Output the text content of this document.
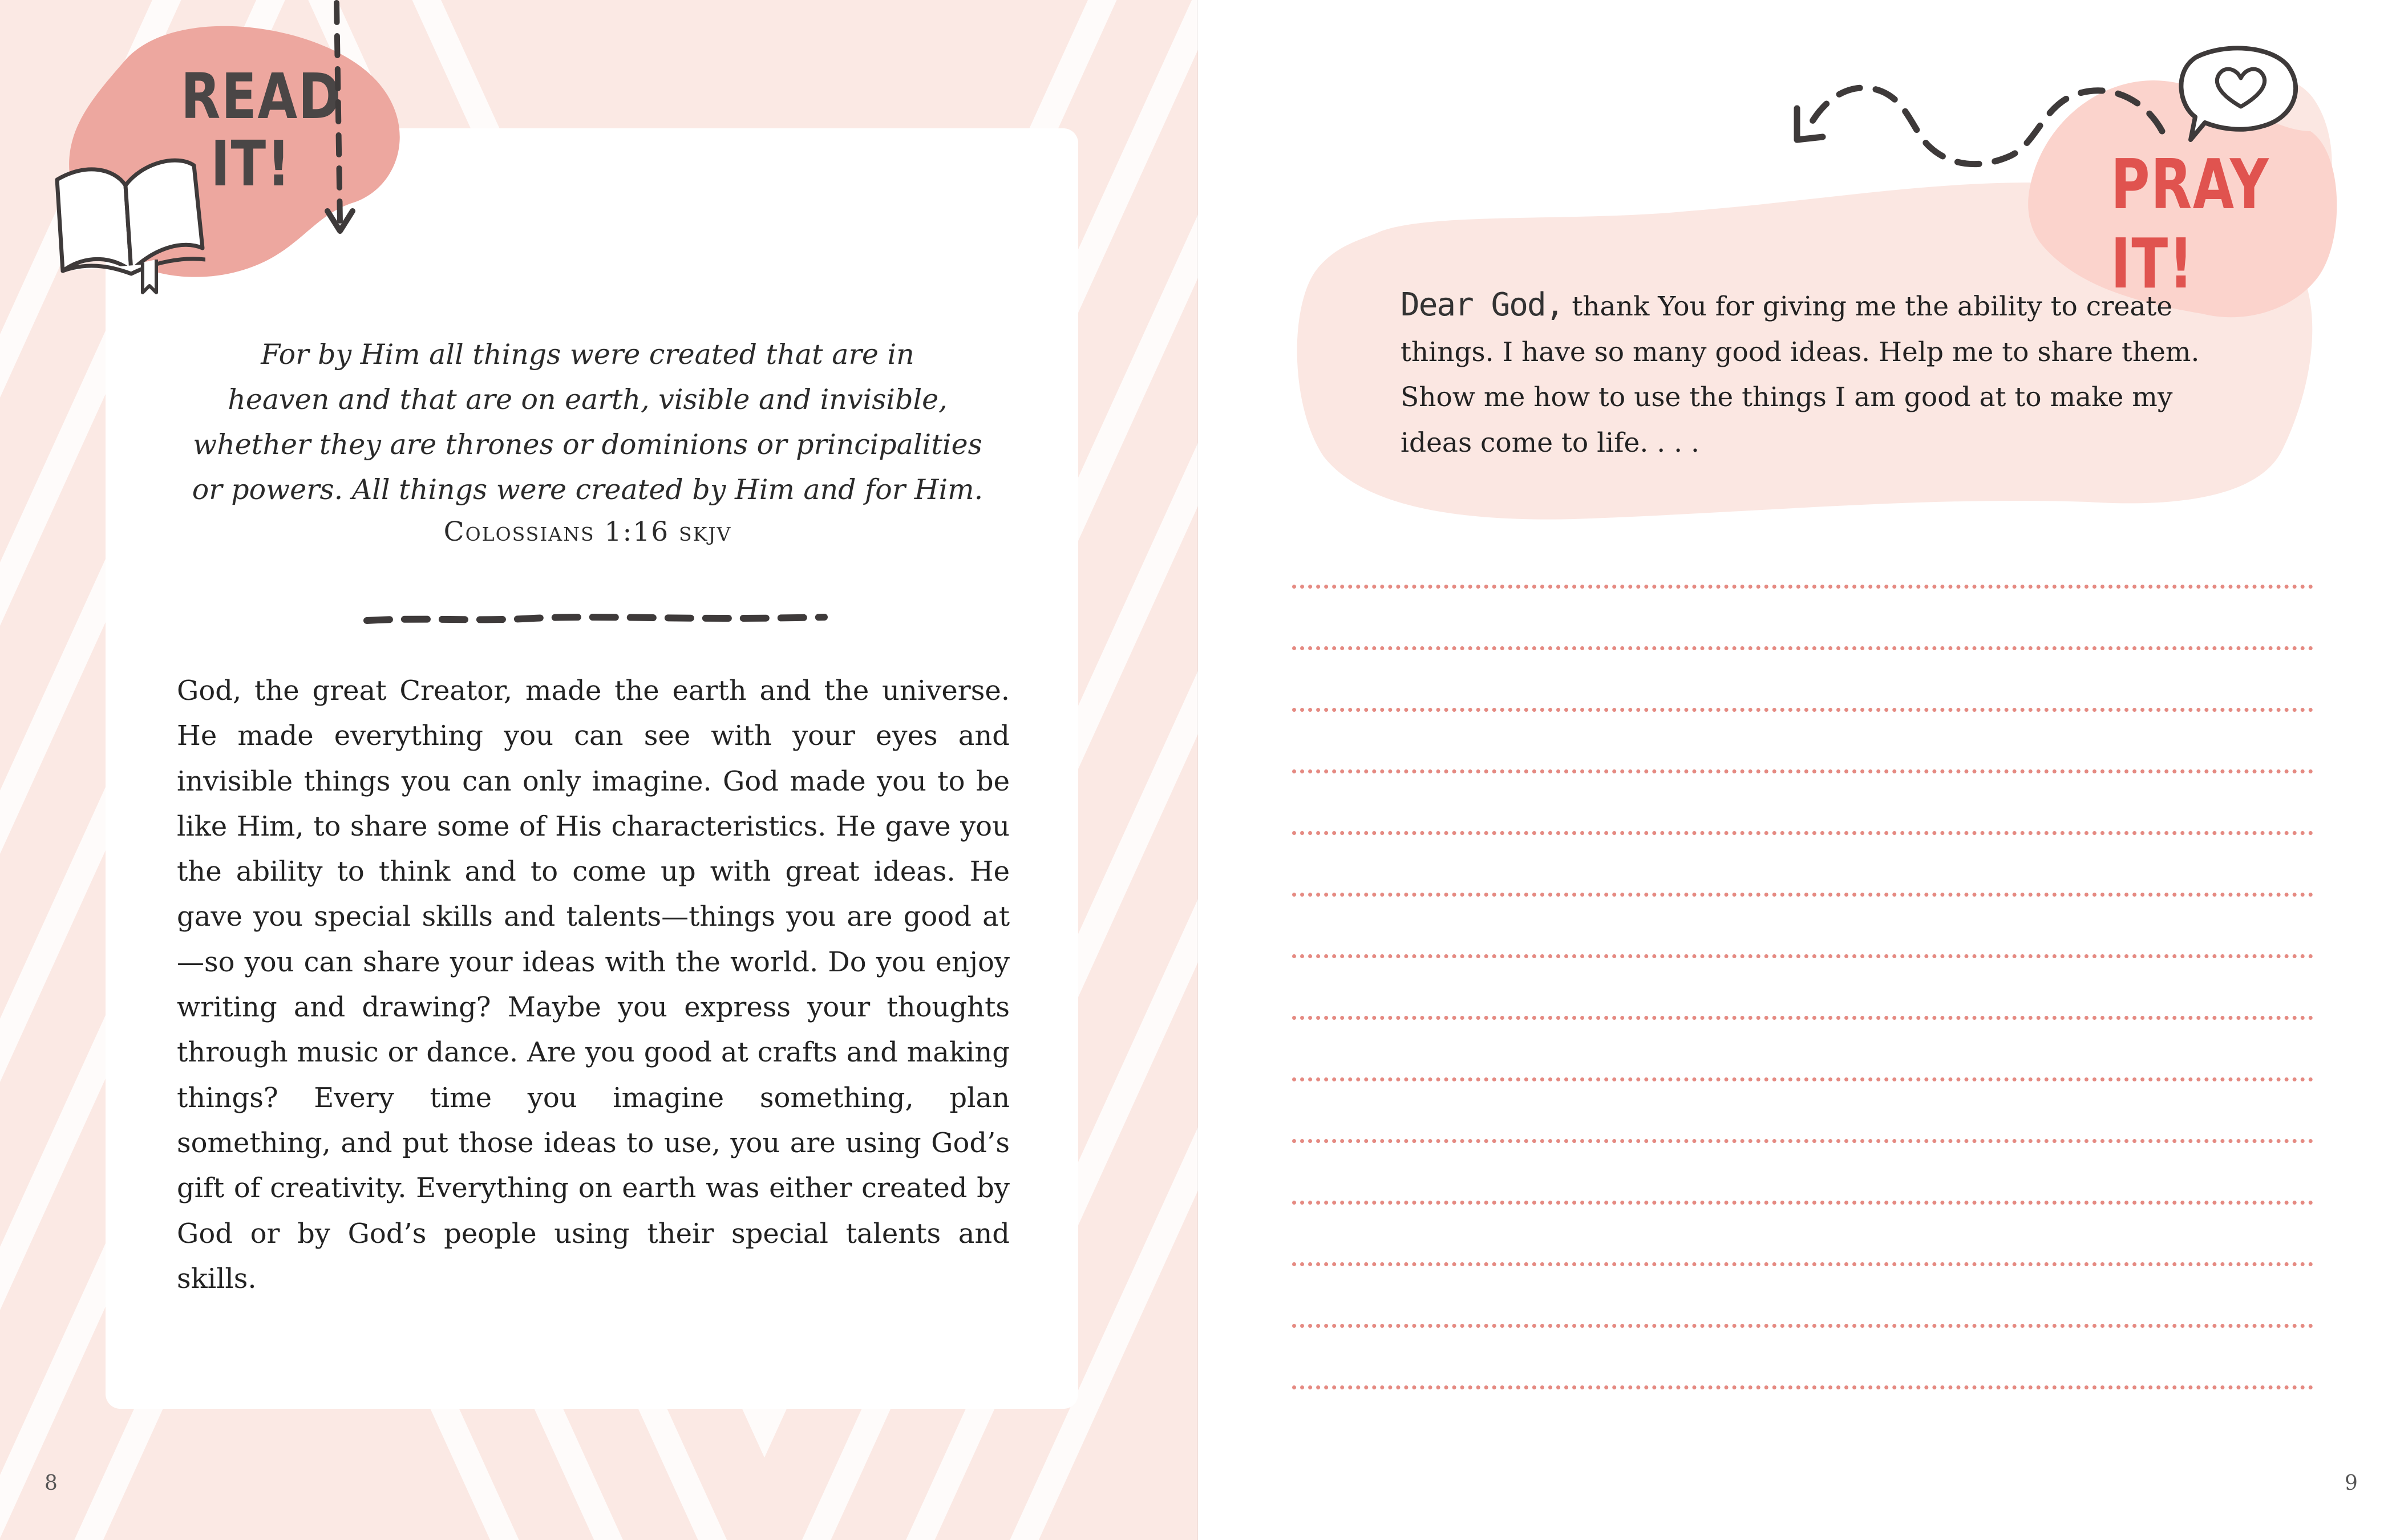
READ
IT!
For by Him all things were created that are in
heaven and that are on earth, visible and invisible,
whether they are thrones or dominions or principalities
or powers. All things were created by Him and for Him.
Colossians 1:16 skjv
God, the great Creator, made the earth and the universe. He made everything you can see with your eyes and invisible things you can only imagine. God made you to be like Him, to share some of His characteristics. He gave you the ability to think and to come up with great ideas. He gave you special skills and talents—things you are good at—so you can share your ideas with the world. Do you enjoy writing and drawing? Maybe you express your thoughts through music or dance. Are you good at crafts and making things? Every time you imagine something, plan something, and put those ideas to use, you are using God’s gift of creativity. Everything on earth was either created by God or by God’s people using their special talents and skills.
8
PRAY IT!
Dear God, thank You for giving me the ability to create things. I have so many good ideas. Help me to share them. Show me how to use the things I am good at to make my ideas come to life. . . .
9
